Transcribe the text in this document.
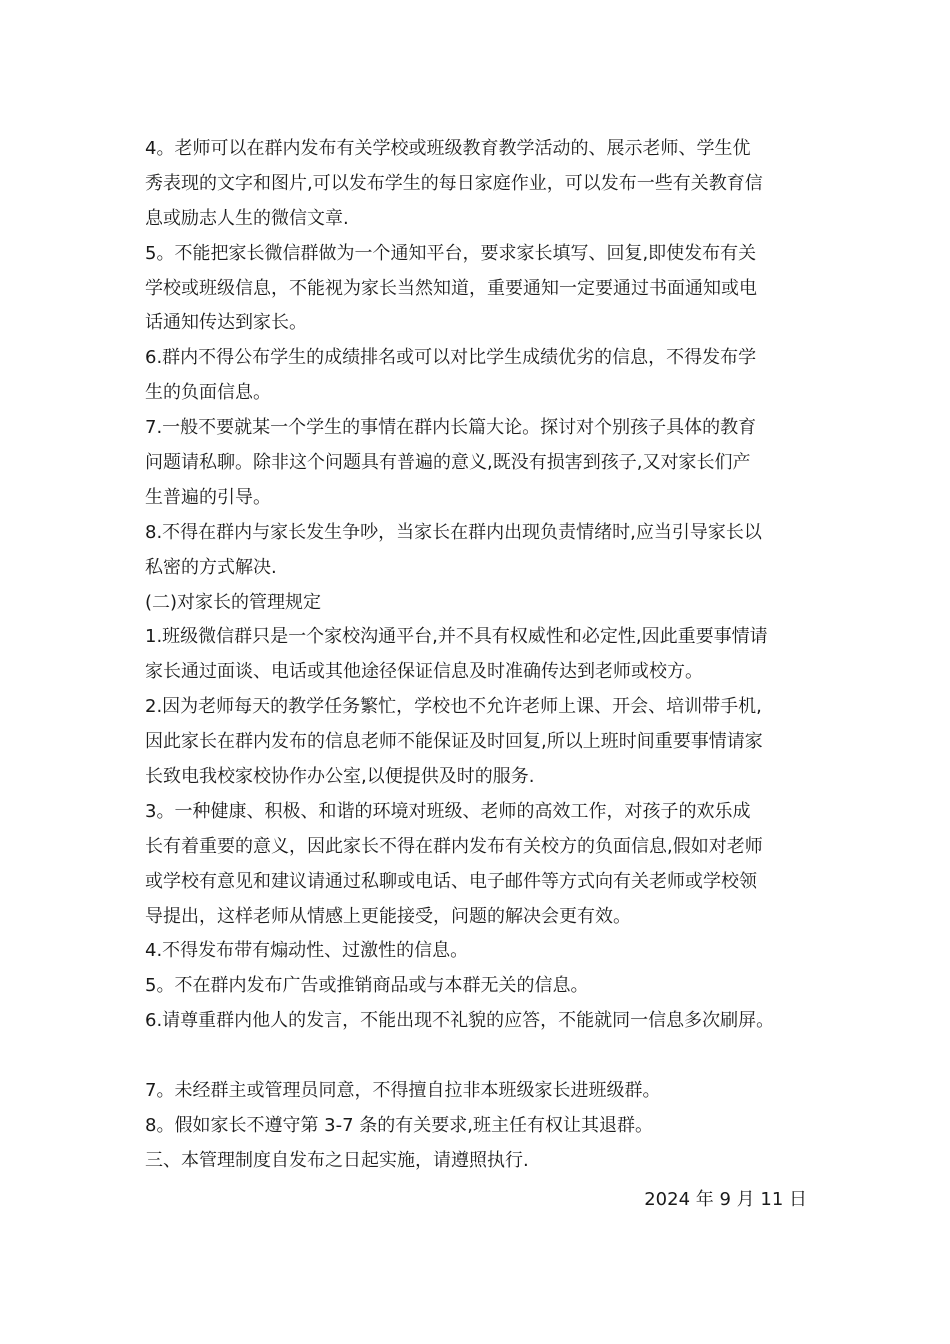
4。老师可以在群内发布有关学校或班级教育教学活动的、展示老师、学生优
秀表现的文字和图片,可以发布学生的每日家庭作业，可以发布一些有关教育信
息或励志人生的微信文章.
5。不能把家长微信群做为一个通知平台，要求家长填写、回复,即使发布有关
学校或班级信息，不能视为家长当然知道，重要通知一定要通过书面通知或电
话通知传达到家长。
6.群内不得公布学生的成绩排名或可以对比学生成绩优劣的信息，不得发布学
生的负面信息。
7.一般不要就某一个学生的事情在群内长篇大论。探讨对个别孩子具体的教育
问题请私聊。除非这个问题具有普遍的意义,既没有损害到孩子,又对家长们产
生普遍的引导。
8.不得在群内与家长发生争吵，当家长在群内出现负责情绪时,应当引导家长以
私密的方式解决.
(二)对家长的管理规定
1.班级微信群只是一个家校沟通平台,并不具有权威性和必定性,因此重要事情请
家长通过面谈、电话或其他途径保证信息及时准确传达到老师或校方。
2.因为老师每天的教学任务繁忙，学校也不允许老师上课、开会、培训带手机,
因此家长在群内发布的信息老师不能保证及时回复,所以上班时间重要事情请家
长致电我校家校协作办公室,以便提供及时的服务.
3。一种健康、积极、和谐的环境对班级、老师的高效工作，对孩子的欢乐成
长有着重要的意义，因此家长不得在群内发布有关校方的负面信息,假如对老师
或学校有意见和建议请通过私聊或电话、电子邮件等方式向有关老师或学校领
导提出，这样老师从情感上更能接受，问题的解决会更有效。
4.不得发布带有煽动性、过激性的信息。
5。不在群内发布广告或推销商品或与本群无关的信息。
6.请尊重群内他人的发言，不能出现不礼貌的应答，不能就同一信息多次刷屏。
7。未经群主或管理员同意，不得擅自拉非本班级家长进班级群。
8。假如家长不遵守第 3-7 条的有关要求,班主任有权让其退群。
三、本管理制度自发布之日起实施，请遵照执行.
2024 年 9 月 11 日
